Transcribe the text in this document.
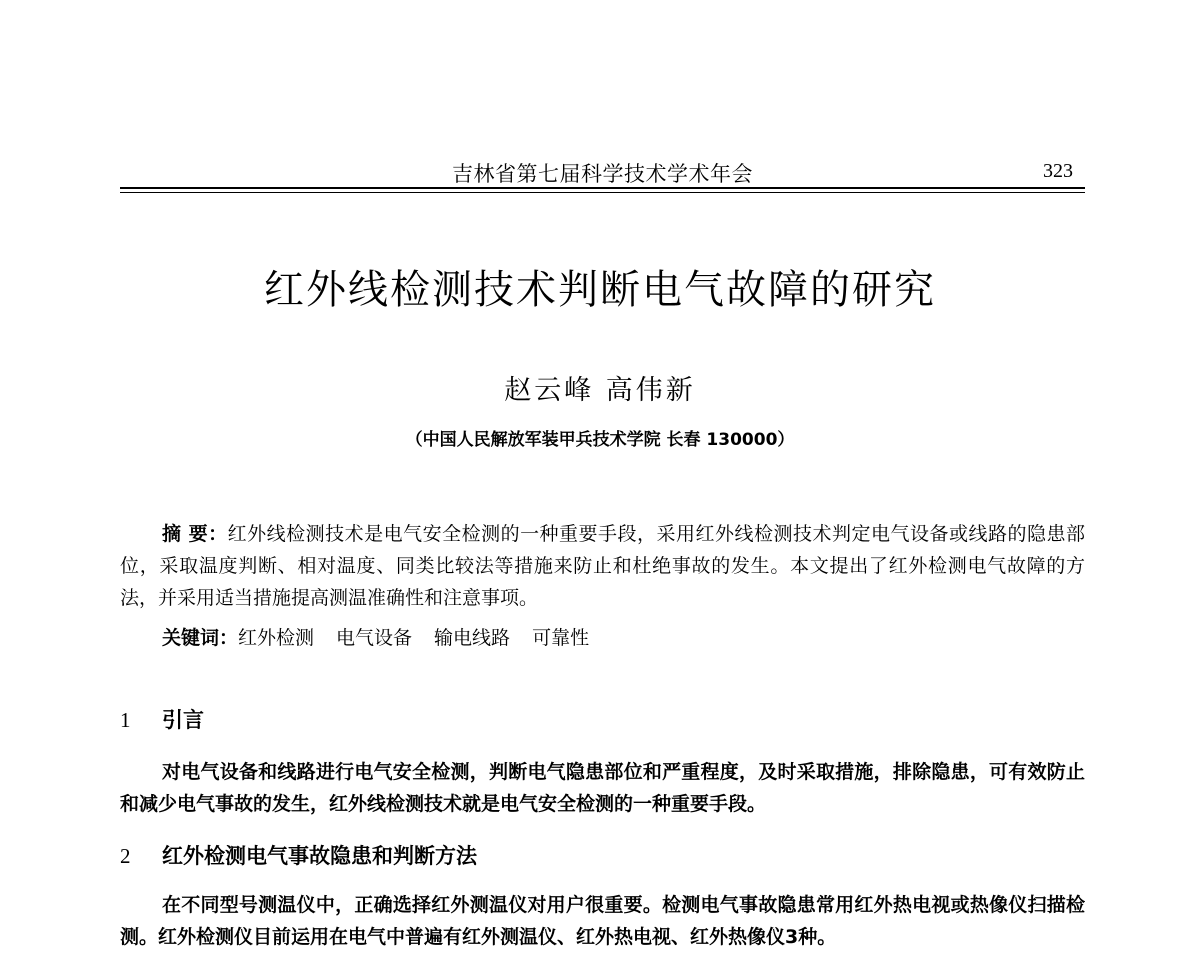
吉林省第七届科学技术学术年会	323
红外线检测技术判断电气故障的研究
赵云峰 高伟新
（中国人民解放军装甲兵技术学院 长春 130000）
摘 要：红外线检测技术是电气安全检测的一种重要手段，采用红外线检测技术判定电气设备或线路的隐患部位，采取温度判断、相对温度、同类比较法等措施来防止和杜绝事故的发生。本文提出了红外检测电气故障的方法，并采用适当措施提高测温准确性和注意事项。
关键词：红外检测 电气设备 输电线路 可靠性
1 引言
对电气设备和线路进行电气安全检测，判断电气隐患部位和严重程度，及时采取措施，排除隐患，可有效防止和减少电气事故的发生，红外线检测技术就是电气安全检测的一种重要手段。
2 红外检测电气事故隐患和判断方法
在不同型号测温仪中，正确选择红外测温仪对用户很重要。检测电气事故隐患常用红外热电视或热像仪扫描检测。红外检测仪目前运用在电气中普遍有红外测温仪、红外热电视、红外热像仪3种。
